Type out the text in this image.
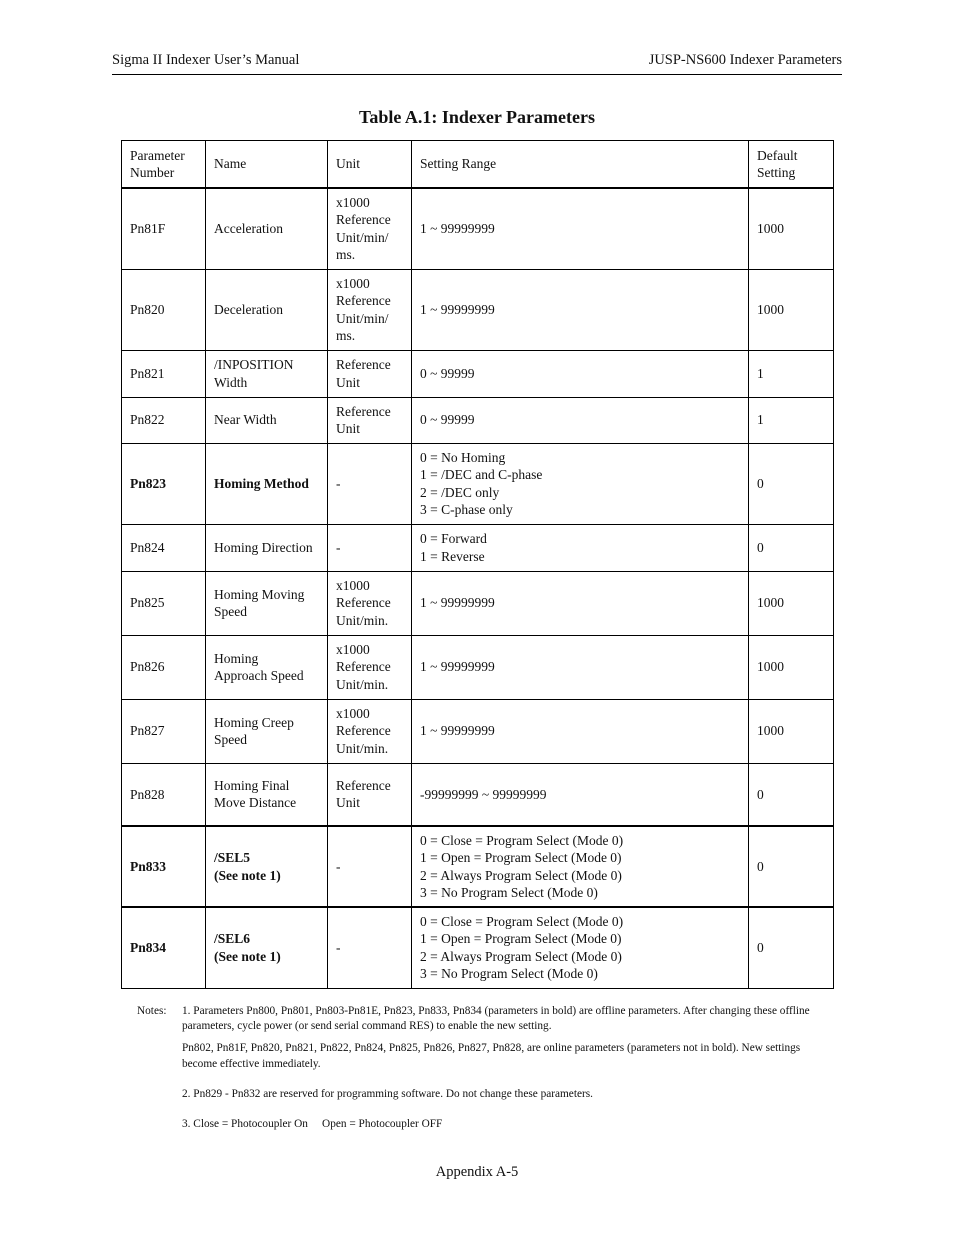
Sigma II Indexer User’s Manual	JUSP-NS600 Indexer Parameters
Table A.1: Indexer Parameters
Parameter
Number	Name	Unit	Setting Range	Default
Setting
Pn81F	Acceleration	x1000
Reference
Unit/min/
ms.	1 ~ 99999999	1000
Pn820	Deceleration	x1000
Reference
Unit/min/
ms.	1 ~ 99999999	1000
Pn821	/INPOSITION
Width	Reference
Unit	0 ~ 99999	1
Pn822	Near Width	Reference
Unit	0 ~ 99999	1
Pn823	Homing Method	-	0 = No Homing
1 = /DEC and C-phase
2 = /DEC only
3 = C-phase only	0
Pn824	Homing Direction	-	0 = Forward
1 = Reverse	0
Pn825	Homing Moving
Speed	x1000
Reference
Unit/min.	1 ~ 99999999	1000
Pn826	Homing
Approach Speed	x1000
Reference
Unit/min.	1 ~ 99999999	1000
Pn827	Homing Creep
Speed	x1000
Reference
Unit/min.	1 ~ 99999999	1000
Pn828	Homing Final
Move Distance	Reference
Unit	-99999999 ~ 99999999	0
Pn833	/SEL5
(See note 1)	-	0 = Close = Program Select (Mode 0)
1 = Open = Program Select (Mode 0)
2 = Always Program Select (Mode 0)
3 = No Program Select (Mode 0)	0
Pn834	/SEL6
(See note 1)	-	0 = Close = Program Select (Mode 0)
1 = Open = Program Select (Mode 0)
2 = Always Program Select (Mode 0)
3 = No Program Select (Mode 0)	0
Notes: 1. Parameters Pn800, Pn801, Pn803-Pn81E, Pn823, Pn833, Pn834 (parameters in bold) are offline parameters. After changing these offline parameters, cycle power (or send serial command RES) to enable the new setting.

Pn802, Pn81F, Pn820, Pn821, Pn822, Pn824, Pn825, Pn826, Pn827, Pn828, are online parameters (parameters not in bold). New settings become effective immediately.

2. Pn829 - Pn832 are reserved for programming software. Do not change these parameters.

3. Close = Photocoupler On     Open = Photocoupler OFF

Appendix A-5
